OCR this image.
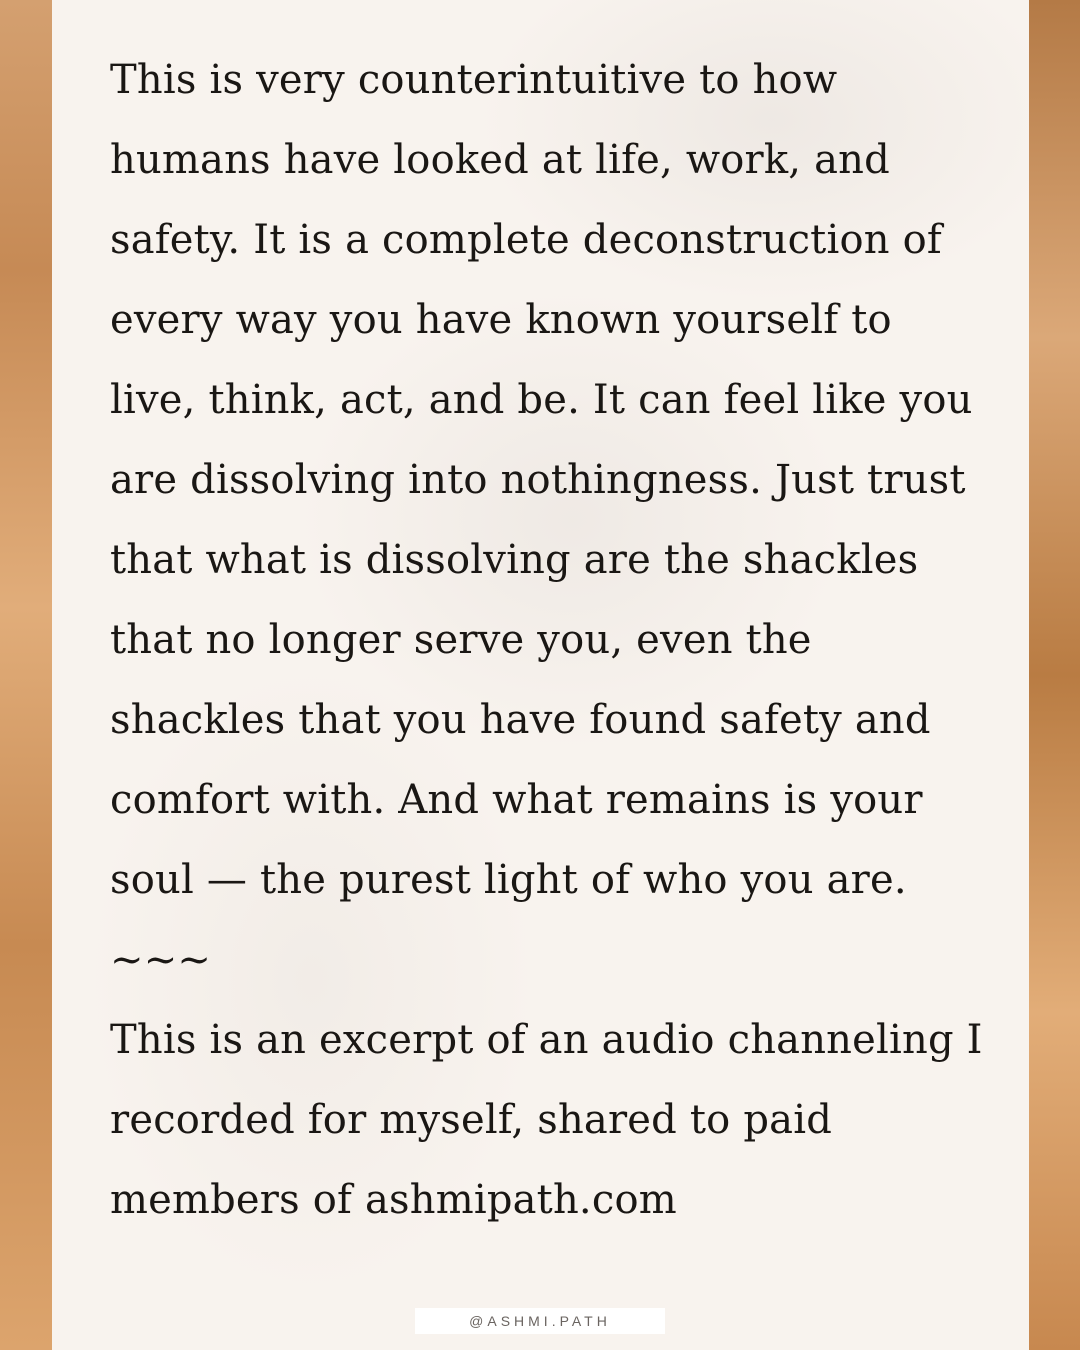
This is very counterintuitive to how humans have looked at life, work, and safety. It is a complete deconstruction of every way you have known yourself to live, think, act, and be. It can feel like you are dissolving into nothingness. Just trust that what is dissolving are the shackles that no longer serve you, even the shackles that you have found safety and comfort with. And what remains is your soul — the purest light of who you are.

~~~

This is an excerpt of an audio channeling I recorded for myself, shared to paid members of ashmipath.com

@ASHMI.PATH
